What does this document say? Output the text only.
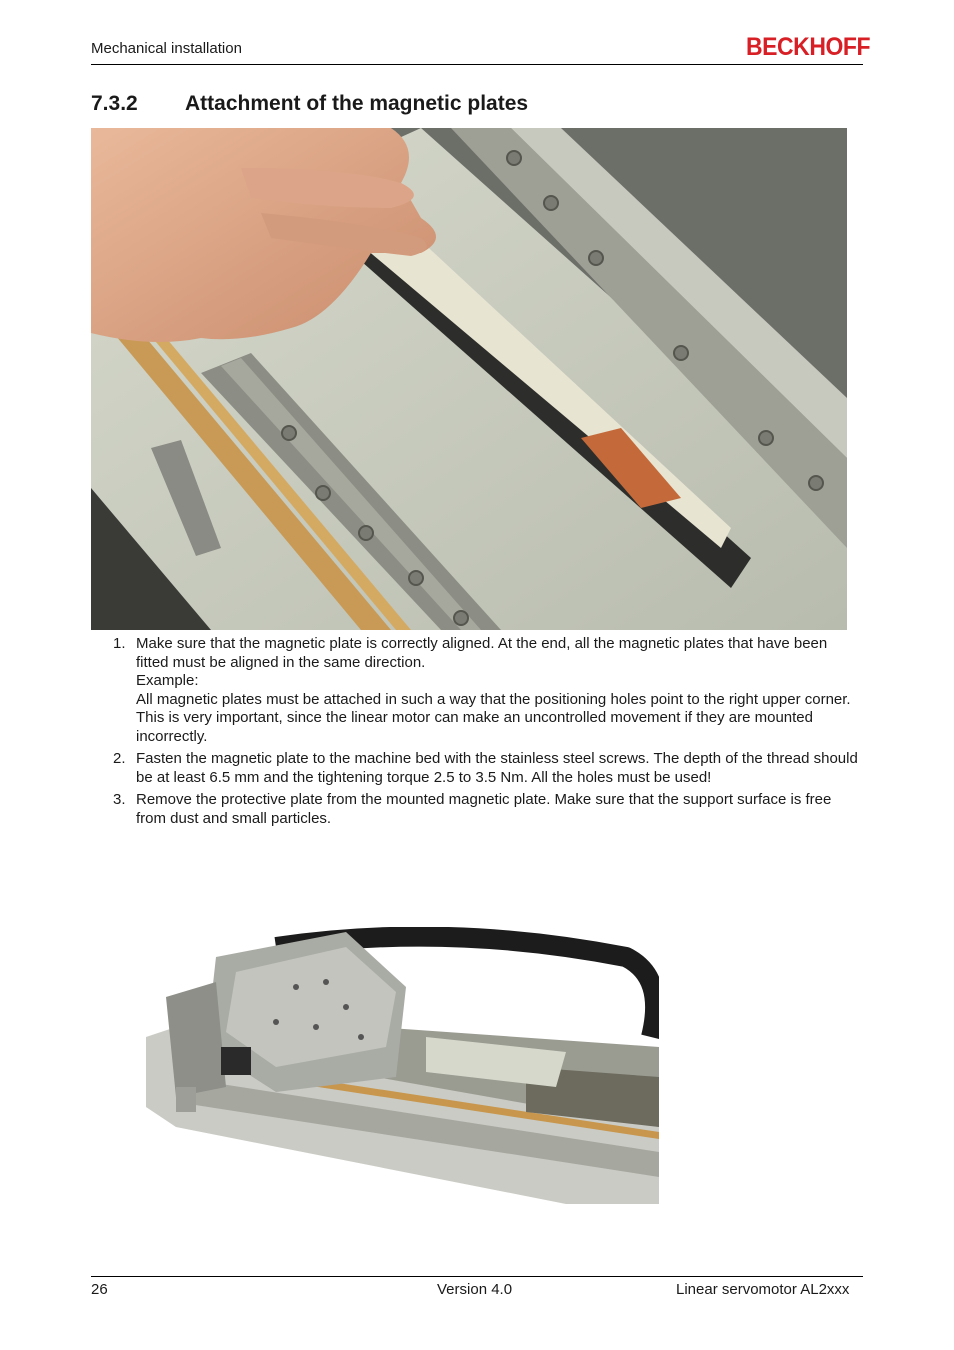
Mechanical installation	BECKHOFF
7.3.2 Attachment of the magnetic plates
1. Make sure that the magnetic plate is correctly aligned. At the end, all the magnetic plates that have been fitted must be aligned in the same direction.

Example:

All magnetic plates must be attached in such a way that the positioning holes point to the right upper corner. This is very important, since the linear motor can make an uncontrolled movement if they are mounted incorrectly.

2. Fasten the magnetic plate to the machine bed with the stainless steel screws. The depth of the thread should be at least 6.5 mm and the tightening torque 2.5 to 3.5 Nm. All the holes must be used!

3. Remove the protective plate from the mounted magnetic plate. Make sure that the support surface is free from dust and small particles.

26	Version 4.0	Linear servomotor AL2xxx
